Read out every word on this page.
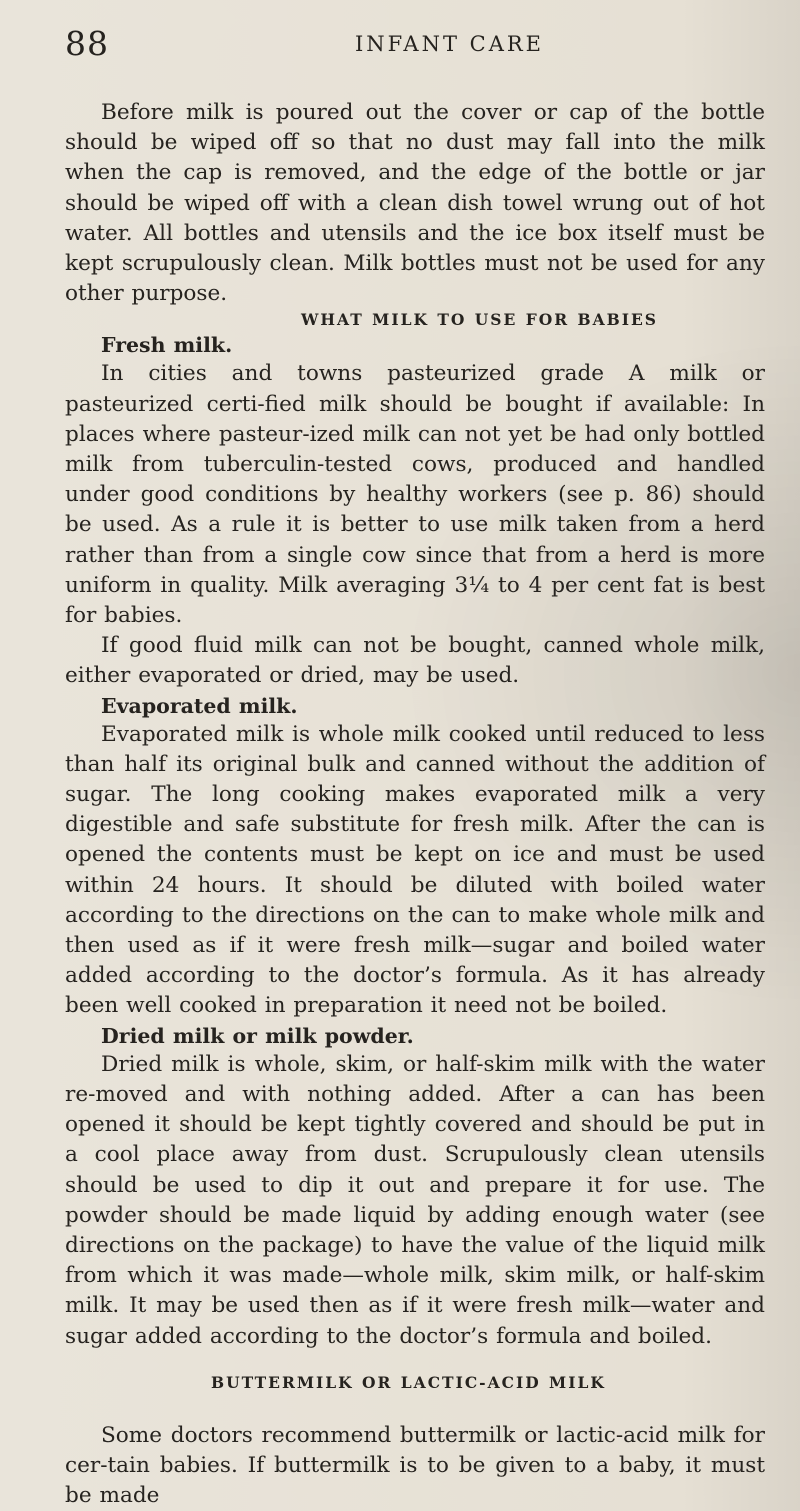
88	INFANT CARE

Before milk is poured out the cover or cap of the bottle should be wiped off so that no dust may fall into the milk when the cap is removed, and the edge of the bottle or jar should be wiped off with a clean dish towel wrung out of hot water. All bottles and utensils and the ice box itself must be kept scrupulously clean. Milk bottles must not be used for any other purpose.

WHAT MILK TO USE FOR BABIES

Fresh milk.

In cities and towns pasteurized grade A milk or pasteurized certi-fied milk should be bought if available: In places where pasteur-ized milk can not yet be had only bottled milk from tuberculin-tested cows, produced and handled under good conditions by healthy workers (see p. 86) should be used. As a rule it is better to use milk taken from a herd rather than from a single cow since that from a herd is more uniform in quality. Milk averaging 3¼ to 4 per cent fat is best for babies.

If good fluid milk can not be bought, canned whole milk, either evaporated or dried, may be used.

Evaporated milk.

Evaporated milk is whole milk cooked until reduced to less than half its original bulk and canned without the addition of sugar. The long cooking makes evaporated milk a very digestible and safe substitute for fresh milk. After the can is opened the contents must be kept on ice and must be used within 24 hours. It should be diluted with boiled water according to the directions on the can to make whole milk and then used as if it were fresh milk—sugar and boiled water added according to the doctor’s formula. As it has already been well cooked in preparation it need not be boiled.

Dried milk or milk powder.

Dried milk is whole, skim, or half-skim milk with the water re-moved and with nothing added. After a can has been opened it should be kept tightly covered and should be put in a cool place away from dust. Scrupulously clean utensils should be used to dip it out and prepare it for use. The powder should be made liquid by adding enough water (see directions on the package) to have the value of the liquid milk from which it was made—whole milk, skim milk, or half-skim milk. It may be used then as if it were fresh milk—water and sugar added according to the doctor’s formula and boiled.

BUTTERMILK OR LACTIC-ACID MILK

Some doctors recommend buttermilk or lactic-acid milk for cer-tain babies. If buttermilk is to be given to a baby, it must be made
